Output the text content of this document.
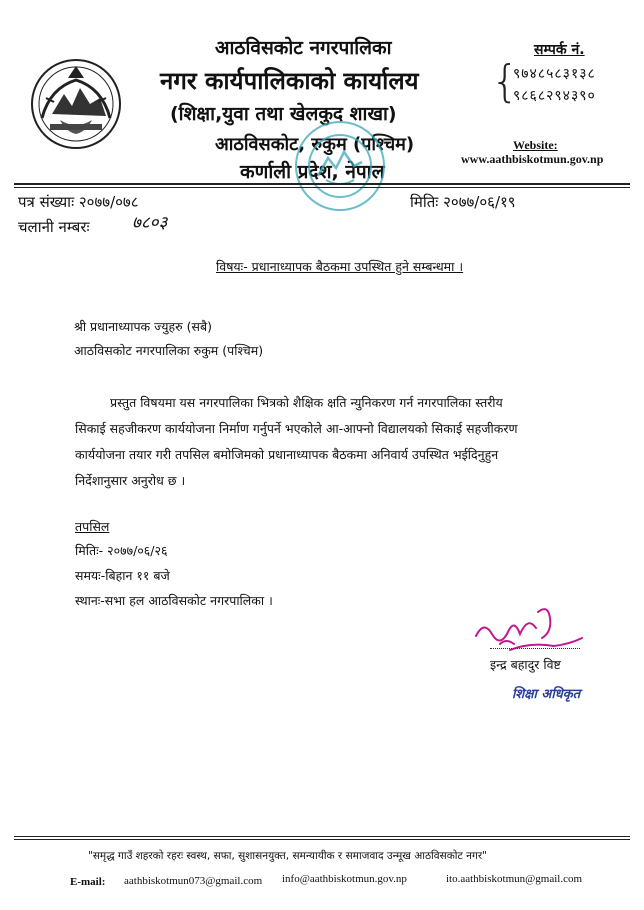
आठविसकोट नगरपालिका
नगर कार्यपालिकाको कार्यालय
(शिक्षा,युवा तथा खेलकुद शाखा)
आठविसकोट, रुकुम (पश्चिम)
कर्णाली प्रदेश, नेपाल
सम्पर्क नं.
{
९७४८५८३१३८
९८६८२९४३९०
Website:
www.aathbiskotmun.gov.np
पत्र संख्याः २०७७/०७८
चलानी नम्बरः	७८०३
मितिः २०७७/०६/१९
विषयः- प्रधानाध्यापक बैठकमा उपस्थित हुने सम्बन्धमा ।
श्री प्रधानाध्यापक ज्युहरु (सबै)
आठविसकोट नगरपालिका रुकुम (पश्चिम)
प्रस्तुत विषयमा यस नगरपालिका भित्रको शैक्षिक क्षति न्युनिकरण गर्न नगरपालिका स्तरीय
सिकाई सहजीकरण कार्ययोजना निर्माण गर्नुपर्ने भएकोले आ-आफ्नो विद्यालयको सिकाई सहजीकरण
कार्ययोजना तयार गरी तपसिल बमोजिमको प्रधानाध्यापक बैठकमा अनिवार्य उपस्थित भईदिनुहुन
निर्देशानुसार अनुरोध छ ।
तपसिल
मितिः- २०७७/०६/२६
समयः-बिहान ११ बजे
स्थानः-सभा हल आठविसकोट नगरपालिका ।
इन्द्र बहादुर विष्ट
शिक्षा अधिकृत
"समृद्ध गाउँ शहरको रहरः स्वस्थ, सफा, सुशासनयुक्त, समन्यायीक र समाजवाद उन्मूख आठविसकोट नगर"
E-mail: aathbiskotmun073@gmail.com info@aathbiskotmun.gov.np	ito.aathbiskotmun@gmail.com
